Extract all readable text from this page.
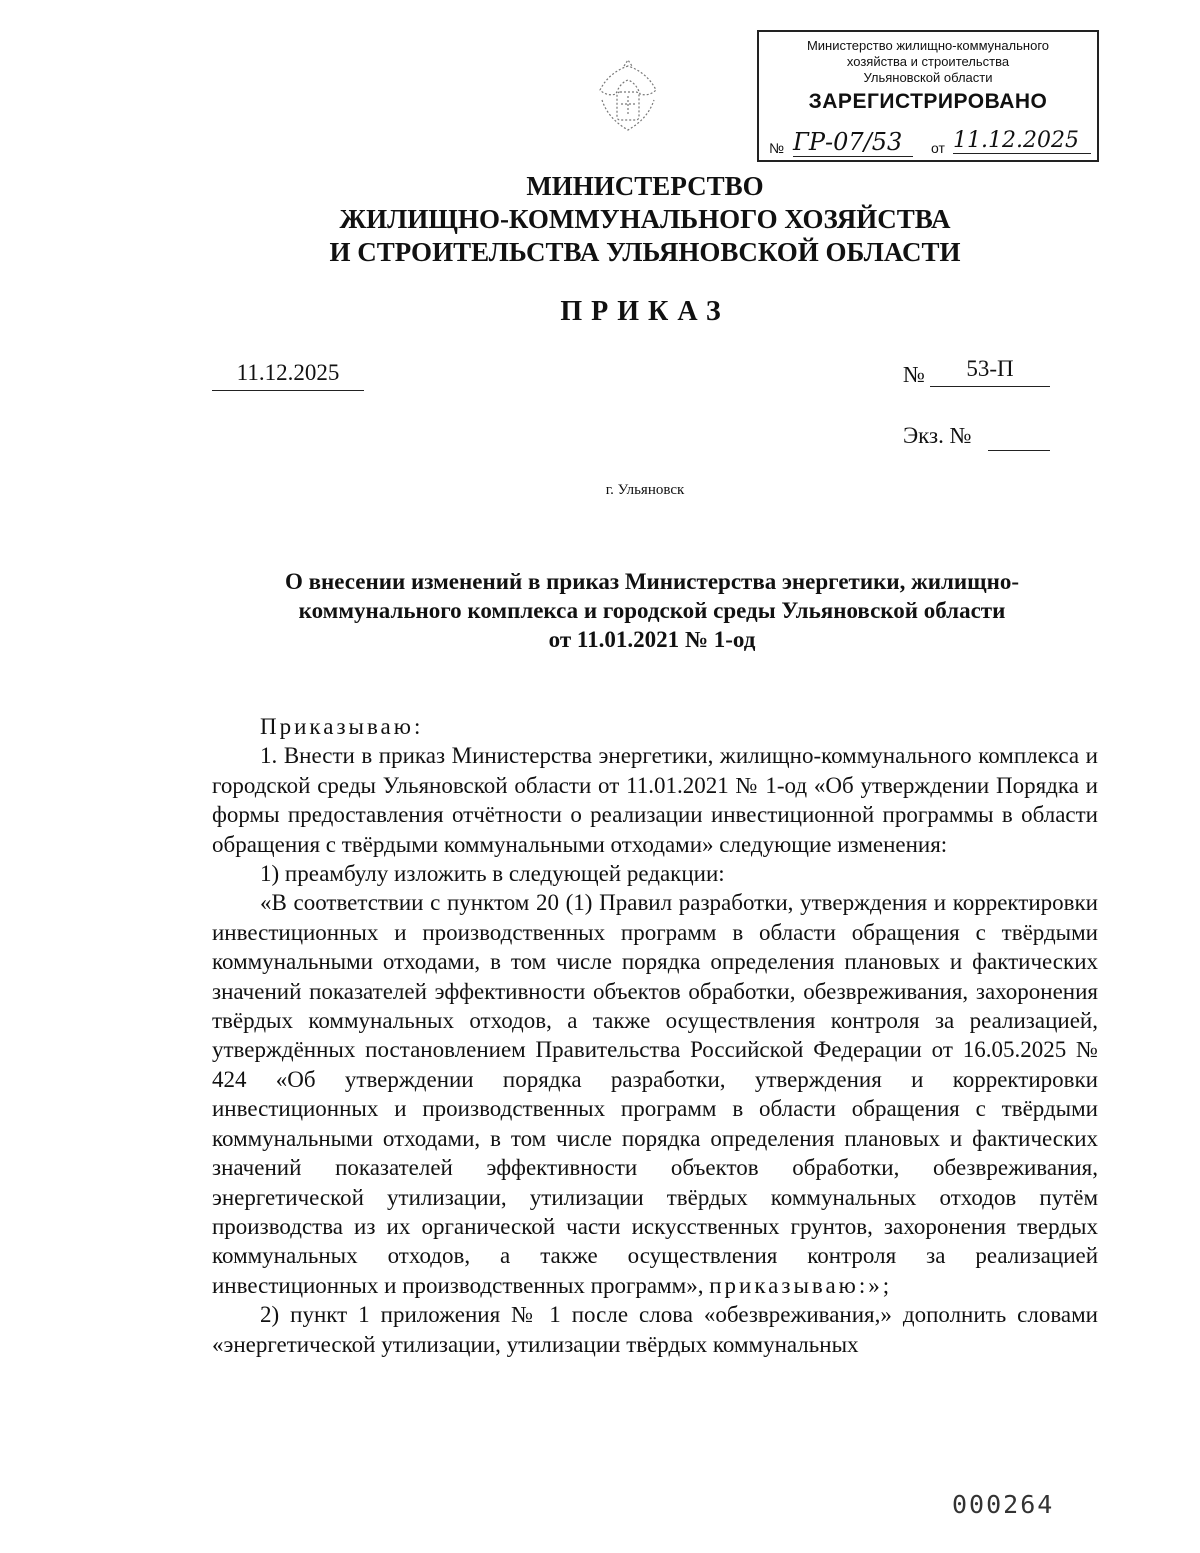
Министерство жилищно-коммунального
хозяйства и строительства
Ульяновской области
ЗАРЕГИСТРИРОВАНО
№ ГР-07/53	от 11.12.2025
МИНИСТЕРСТВО
ЖИЛИЩНО-КОММУНАЛЬНОГО ХОЗЯЙСТВА
И СТРОИТЕЛЬСТВА УЛЬЯНОВСКОЙ ОБЛАСТИ
ПРИКАЗ
11.12.2025	№	53-П
Экз. №
г. Ульяновск
О внесении изменений в приказ Министерства энергетики, жилищно-
коммунального комплекса и городской среды Ульяновской области
от 11.01.2021 № 1-од

Приказываю:

1. Внести в приказ Министерства энергетики, жилищно-коммунального комплекса и городской среды Ульяновской области от 11.01.2021 № 1-од «Об утверждении Порядка и формы предоставления отчётности о реализации инвестиционной программы в области обращения с твёрдыми коммунальными отходами» следующие изменения:

1) преамбулу изложить в следующей редакции:

«В соответствии с пунктом 20 (1) Правил разработки, утверждения и корректировки инвестиционных и производственных программ в области обращения с твёрдыми коммунальными отходами, в том числе порядка определения плановых и фактических значений показателей эффективности объектов обработки, обезвреживания, захоронения твёрдых коммунальных отходов, а также осуществления контроля за реализацией, утверждённых постановлением Правительства Российской Федерации от 16.05.2025 № 424 «Об утверждении порядка разработки, утверждения и корректировки инвестиционных и производственных программ в области обращения с твёрдыми коммунальными отходами, в том числе порядка определения плановых и фактических значений показателей эффективности объектов обработки, обезвреживания, энергетической утилизации, утилизации твёрдых коммунальных отходов путём производства из их органической части искусственных грунтов, захоронения твердых коммунальных отходов, а также осуществления контроля за реализацией инвестиционных и производственных программ», приказываю:»;

2) пункт 1 приложения № 1 после слова «обезвреживания,» дополнить словами «энергетической утилизации, утилизации твёрдых коммунальных

000264
